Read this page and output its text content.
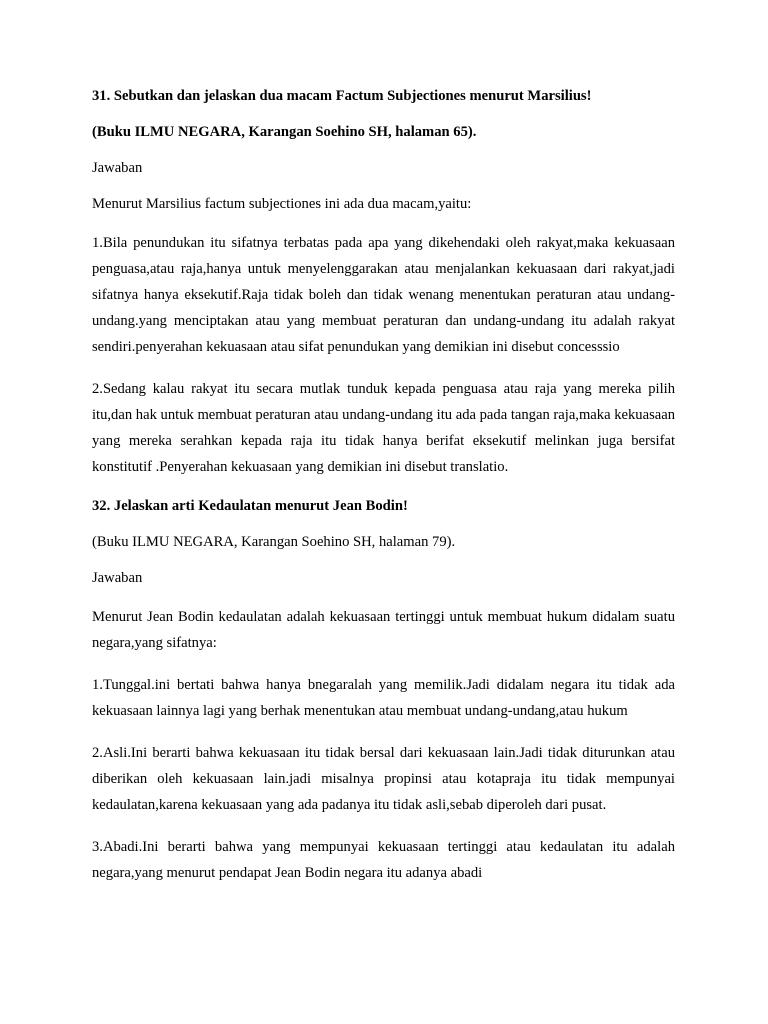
31. Sebutkan dan jelaskan dua macam Factum Subjectiones menurut Marsilius!

(Buku ILMU NEGARA, Karangan Soehino SH, halaman 65).

Jawaban

Menurut Marsilius factum subjectiones ini ada dua macam,yaitu:

1.Bila penundukan itu sifatnya terbatas pada apa yang dikehendaki oleh rakyat,maka kekuasaan penguasa,atau raja,hanya untuk menyelenggarakan atau menjalankan kekuasaan dari rakyat,jadi sifatnya hanya eksekutif.Raja tidak boleh dan tidak wenang menentukan peraturan atau undang-undang.yang menciptakan atau yang membuat peraturan dan undang-undang itu adalah rakyat sendiri.penyerahan kekuasaan atau sifat penundukan yang demikian ini disebut concesssio

2.Sedang kalau rakyat itu secara mutlak tunduk kepada penguasa atau raja yang mereka pilih itu,dan hak untuk membuat peraturan atau undang-undang itu ada pada tangan raja,maka kekuasaan yang mereka serahkan kepada raja itu tidak hanya berifat eksekutif melinkan juga bersifat konstitutif .Penyerahan kekuasaan yang demikian ini disebut translatio.

32. Jelaskan arti Kedaulatan menurut Jean Bodin!

(Buku ILMU NEGARA, Karangan Soehino SH, halaman 79).

Jawaban

Menurut Jean Bodin kedaulatan adalah kekuasaan tertinggi untuk membuat hukum didalam suatu negara,yang sifatnya:

1.Tunggal.ini bertati bahwa hanya bnegaralah yang memilik.Jadi didalam negara itu tidak ada kekuasaan lainnya lagi yang berhak menentukan atau membuat undang-undang,atau hukum

2.Asli.Ini berarti bahwa kekuasaan itu tidak bersal dari kekuasaan lain.Jadi tidak diturunkan atau diberikan oleh kekuasaan lain.jadi misalnya propinsi atau kotapraja itu tidak mempunyai kedaulatan,karena kekuasaan yang ada padanya itu tidak asli,sebab diperoleh dari pusat.

3.Abadi.Ini berarti bahwa yang mempunyai kekuasaan tertinggi atau kedaulatan itu adalah negara,yang menurut pendapat Jean Bodin negara itu adanya abadi
